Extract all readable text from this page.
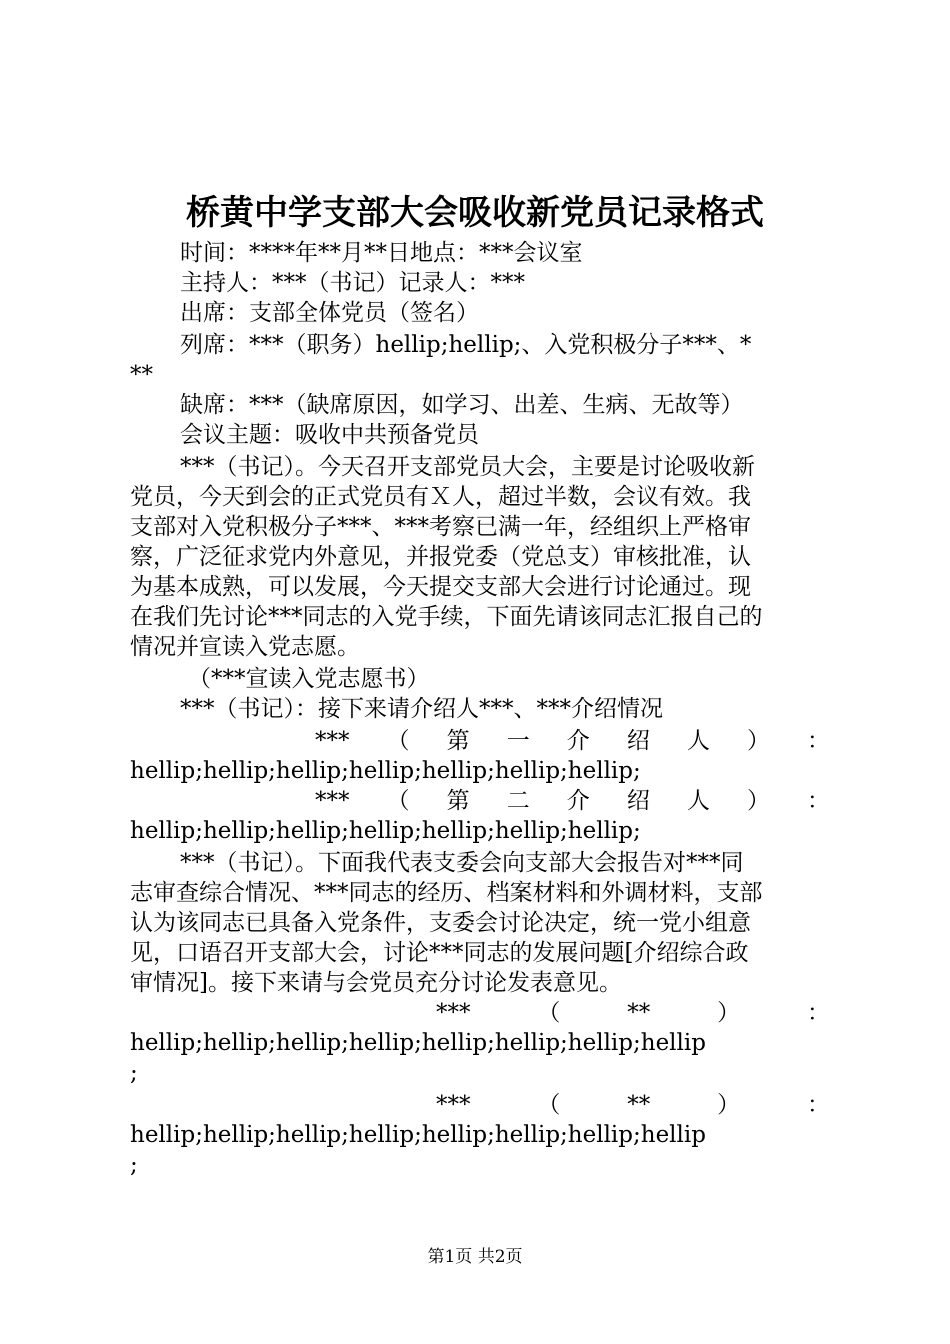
桥黄中学支部大会吸收新党员记录格式
时间：****年**月**日地点：***会议室
主持人：***（书记）记录人：***
出席：支部全体党员（签名）
列席：***（职务）hellip;hellip;、入党积极分子***、*
**
缺席：***（缺席原因，如学习、出差、生病、无故等）
会议主题：吸收中共预备党员
***（书记）。今天召开支部党员大会，主要是讨论吸收新
党员，今天到会的正式党员有Ｘ人，超过半数，会议有效。我
支部对入党积极分子***、***考察已满一年，经组织上严格审
察，广泛征求党内外意见，并报党委（党总支）审核批准，认
为基本成熟，可以发展，今天提交支部大会进行讨论通过。现
在我们先讨论***同志的入党手续，下面先请该同志汇报自己的
情况并宣读入党志愿。
（***宣读入党志愿书）
***（书记）：接下来请介绍人***、***介绍情况
*** （ 第 一 介 绍 人 ） ：
hellip;hellip;hellip;hellip;hellip;hellip;hellip;
*** （ 第 二 介 绍 人 ） ：
hellip;hellip;hellip;hellip;hellip;hellip;hellip;
***（书记）。下面我代表支委会向支部大会报告对***同
志审查综合情况、***同志的经历、档案材料和外调材料，支部
认为该同志已具备入党条件，支委会讨论决定，统一党小组意
见，口语召开支部大会，讨论***同志的发展问题[介绍综合政
审情况]。接下来请与会党员充分讨论发表意见。
***	（	**	）	：
hellip;hellip;hellip;hellip;hellip;hellip;hellip;hellip
;
***	（	**	）	：
hellip;hellip;hellip;hellip;hellip;hellip;hellip;hellip
;
第1页 共2页
